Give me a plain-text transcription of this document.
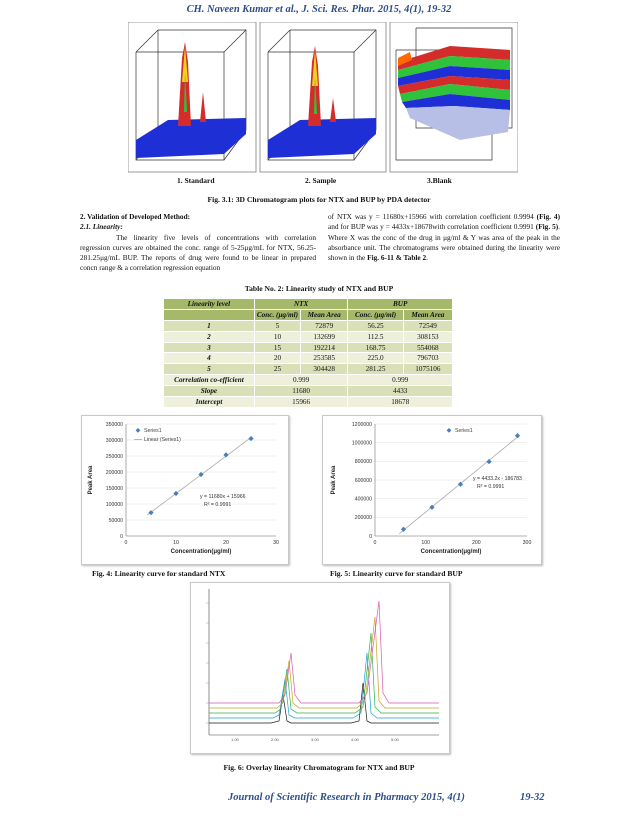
CH. Naveen Kumar et al., J. Sci. Res. Phar. 2015, 4(1), 19-32
1. Standard	2. Sample	3.Blank
Fig. 3.1: 3D Chromatogram plots for NTX and BUP by PDA detector
2. Validation of Developed Method:
2.1. Linearity:
The linearity five levels of concentrations with correlation regression curves are obtained the conc. range of 5-25μg/mL for NTX, 56.25-281.25μg/mL BUP. The reports of drug were found to be linear in prepared concn range & a correlation regression equation
of NTX was y = 11680x+15966 with correlation coefficient 0.9994 (Fig. 4) and for BUP was y = 4433x+18678with correlation coefficient 0.9991 (Fig. 5). Where X was the conc of the drug in μg/ml & Y was area of the peak in the absorbance unit. The chromatograms were obtained during the linearity were shown in the Fig. 6-11 & Table 2.
Table No. 2: Linearity study of NTX and BUP
Linearity level	NTX		BUP	
	Conc. (μg/ml)	Mean Area	Conc. (μg/ml)	Mean Area
1	5	72879	56.25	72549
2	10	132699	112.5	308153
3	15	192214	168.75	554068
4	20	253585	225.0	796703
5	25	304428	281.25	1075106
Correlation co-efficient	0.999		0.999	
Slope	11680		4433	
Intercept	15966		18678	
0
50000
100000
150000
200000
250000
300000
350000
0	10	20	30
Concentration(μg/ml)
Peak Area
Series1
Linear (Series1)
y = 11680x + 15966
R² = 0.9991
0
200000
400000
600000
800000
1000000
1200000
0	100	200	300
Concentration(μg/ml)
Peak Area
Series1
y = 4433.2x - 186783
R² = 0.9991
Fig. 4: Linearity curve for standard NTX	Fig. 5: Linearity curve for standard BUP
1.00	2.00	3.00	4.00	5.00
Fig. 6: Overlay linearity Chromatogram for NTX and BUP
Journal of Scientific Research in Pharmacy 2015, 4(1)	19-32
